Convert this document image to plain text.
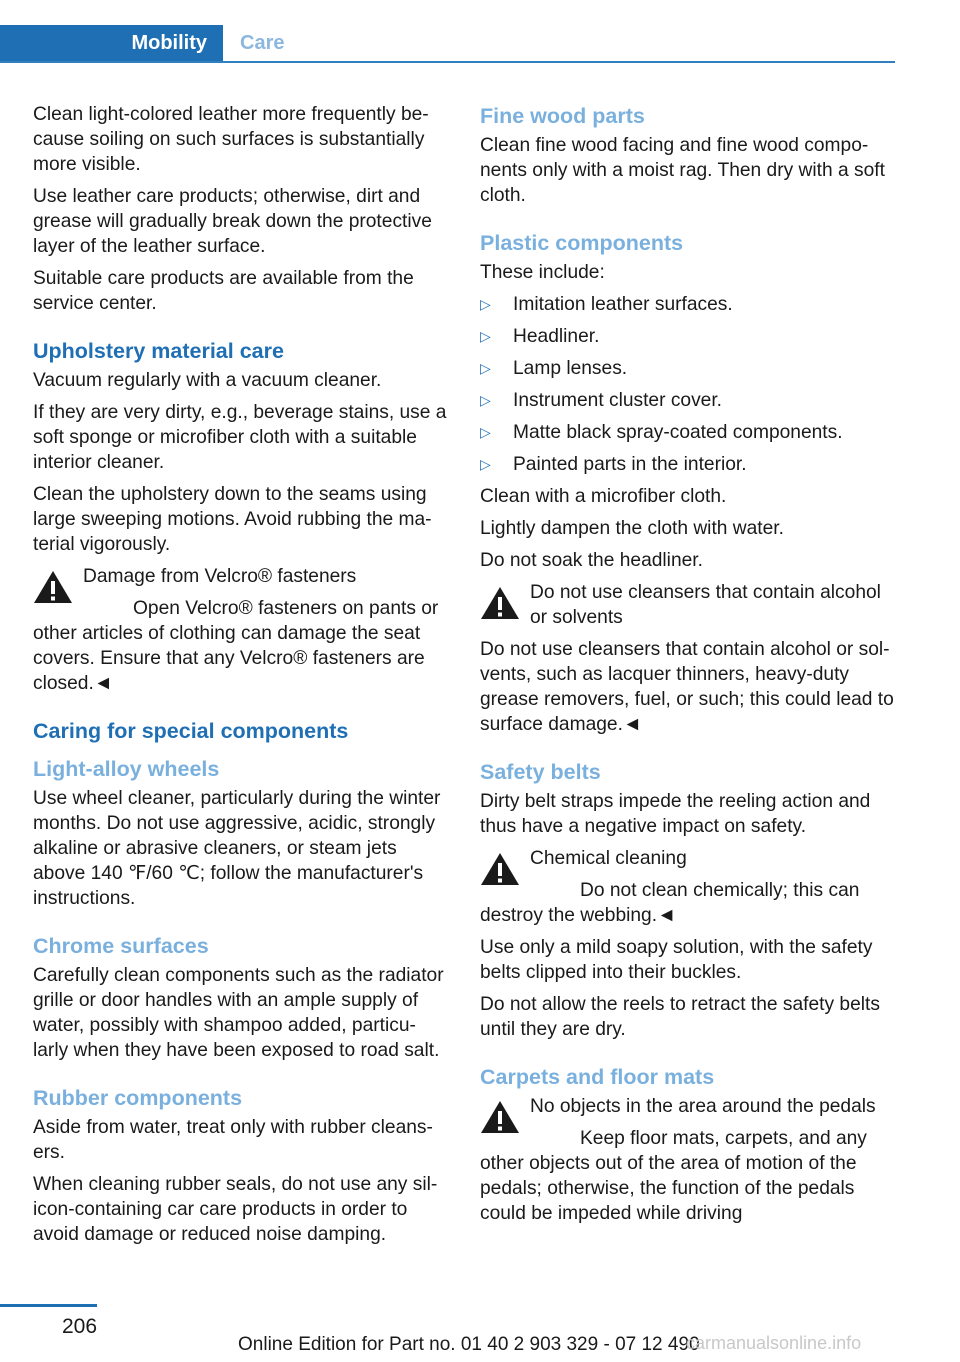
Mobility	Care

Clean light-colored leather more frequently be-cause soiling on such surfaces is substantially more visible.

Use leather care products; otherwise, dirt and grease will gradually break down the protective layer of the leather surface.

Suitable care products are available from the service center.

Upholstery material care

Vacuum regularly with a vacuum cleaner.

If they are very dirty, e.g., beverage stains, use a soft sponge or microfiber cloth with a suitable interior cleaner.

Clean the upholstery down to the seams using large sweeping motions. Avoid rubbing the ma-terial vigorously.

Damage from Velcro® fasteners
Open Velcro® fasteners on pants or other articles of clothing can damage the seat covers. Ensure that any Velcro® fasteners are closed.◄
Caring for special components
Light-alloy wheels

Use wheel cleaner, particularly during the winter months. Do not use aggressive, acidic, strongly alkaline or abrasive cleaners, or steam jets above 140 ℉/60 ℃; follow the manufacturer's instructions.

Chrome surfaces

Carefully clean components such as the radiator grille or door handles with an ample supply of water, possibly with shampoo added, particu-larly when they have been exposed to road salt.

Rubber components

Aside from water, treat only with rubber cleans-ers.

When cleaning rubber seals, do not use any sil-icon-containing car care products in order to avoid damage or reduced noise damping.

Fine wood parts

Clean fine wood facing and fine wood compo-nents only with a moist rag. Then dry with a soft cloth.

Plastic components

These include:

▷ Imitation leather surfaces.
▷ Headliner.
▷ Lamp lenses.
▷ Instrument cluster cover.
▷ Matte black spray-coated components.
▷ Painted parts in the interior.

Clean with a microfiber cloth.

Lightly dampen the cloth with water.

Do not soak the headliner.

Do not use cleansers that contain alcohol or solvents
Do not use cleansers that contain alcohol or sol-vents, such as lacquer thinners, heavy-duty grease removers, fuel, or such; this could lead to surface damage.◄
Safety belts

Dirty belt straps impede the reeling action and thus have a negative impact on safety.

Chemical cleaning
Do not clean chemically; this can destroy the webbing.◄

Use only a mild soapy solution, with the safety belts clipped into their buckles.

Do not allow the reels to retract the safety belts until they are dry.

Carpets and floor mats
No objects in the area around the pedals
Keep floor mats, carpets, and any other objects out of the area of motion of the pedals; otherwise, the function of the pedals could be impeded while driving
206
Online Edition for Part no. 01 40 2 903 329 - 07 12 490
carmanualsonline.info
